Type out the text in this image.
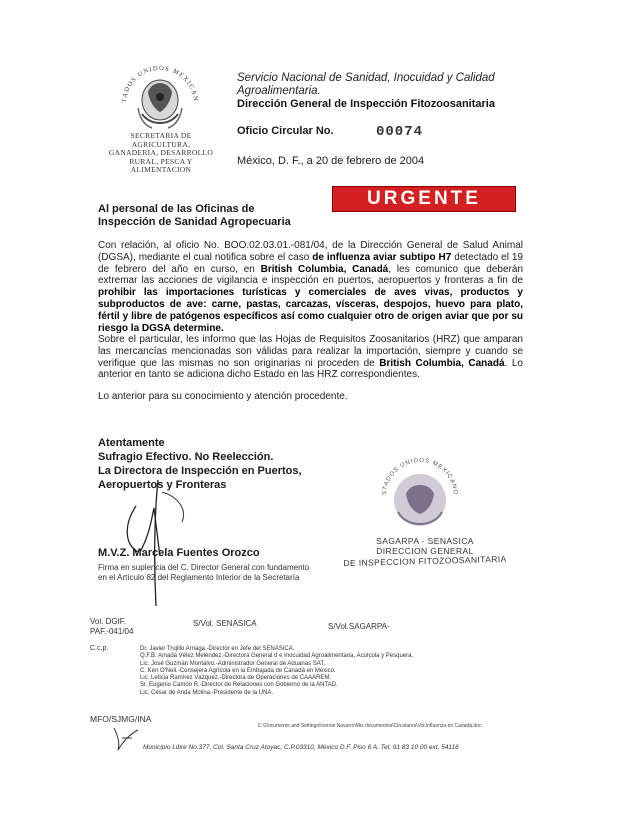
TADOS UNIDOS MEXICAN
SECRETARIA DE AGRICULTURA,
GANADERIA, DESARROLLO
RURAL, PESCA Y
ALIMENTACION
Servicio Nacional de Sanidad, Inocuidad y Calidad
Agroalimentaria.
Dirección General de Inspección Fitozoosanitaria
Oficio Circular No.	00074
México, D. F., a 20 de febrero de 2004
URGENTE
Al personal de las Oficinas de
Inspección de Sanidad Agropecuaria
Con relación, al oficio No. BOO.02.03.01.-081/04, de la Dirección General de Salud Animal (DGSA), mediante el cual notifica sobre el caso de influenza aviar subtipo H7 detectado el 19 de febrero del año en curso, en British Columbia, Canadá, les comunico que deberán extremar las acciones de vigilancia e inspección en puertos, aeropuertos y fronteras a fin de prohibir las importaciones turísticas y comerciales de aves vivas, productos y subproductos de ave: carne, pastas, carcazas, vísceras, despojos, huevo para plato, fértil y libre de patógenos específicos así como cualquier otro de origen aviar que por su riesgo la DGSA determine.
Sobre el particular, les informo que las Hojas de Requisitos Zoosanitarios (HRZ) que amparan las mercancías mencionadas son válidas para realizar la importación, siempre y cuando se verifique que las mismas no son originarias ni proceden de British Columbia, Canadá. Lo anterior en tanto se adiciona dicho Estado en las HRZ correspondientes.
Lo anterior para su conocimiento y atención procedente.
Atentamente
Sufragio Efectivo. No Reelección.
La Directora de Inspección en Puertos,
Aeropuertos y Fronteras
M.V.Z. Marcela Fuentes Orozco
Firma en suplencia del C. Director General con fundamento
en el Artículo 82 del Reglamento Interior de la Secretaría
STADOS UNIDOS MEXICANO
SAGARPA - SENASICA
DIRECCION GENERAL
DE INSPECCION FITOZOOSANITARIA
Vol. DGIF.
PAF.-041/04
S/Vol. SENASICA	S/Vol.SAGARPA-
C.c.p.	Dr. Javier Trujillo Arriaga.-Director en Jefe del SENASICA.
Q.F.B. Amada Vélez Meléndez.-Directora General d e Inocuidad Agroalimentaria, Acuícola y Pesquera.
Lic. José Guzmán Montalvo.-Administrador General de Aduanas SAT.
C. Ken O'Neil.-Consejera Agrícola en la Embajada de Canadá en México.
Lic. Leticia Ramírez Vázquez.-Directora de Operaciones de CAAAREM.
Sr. Eugenio Camón R.-Director de Relaciones con Gobierno de la ANTAD.
Lic. César de Anda Molina.-Presidente de la UNA.
MFO/SJMG/INA
C:\Documents and Settings\Ivonne Navarro\Mis documentos\Circulares\Vol.Influenza en Canadá.doc
Municipio Libre No.377, Col. Santa Cruz Atoyac, C.P.03310, México D.F. Piso 6 A. Tel. 91 83 10 00 ext. 54116
